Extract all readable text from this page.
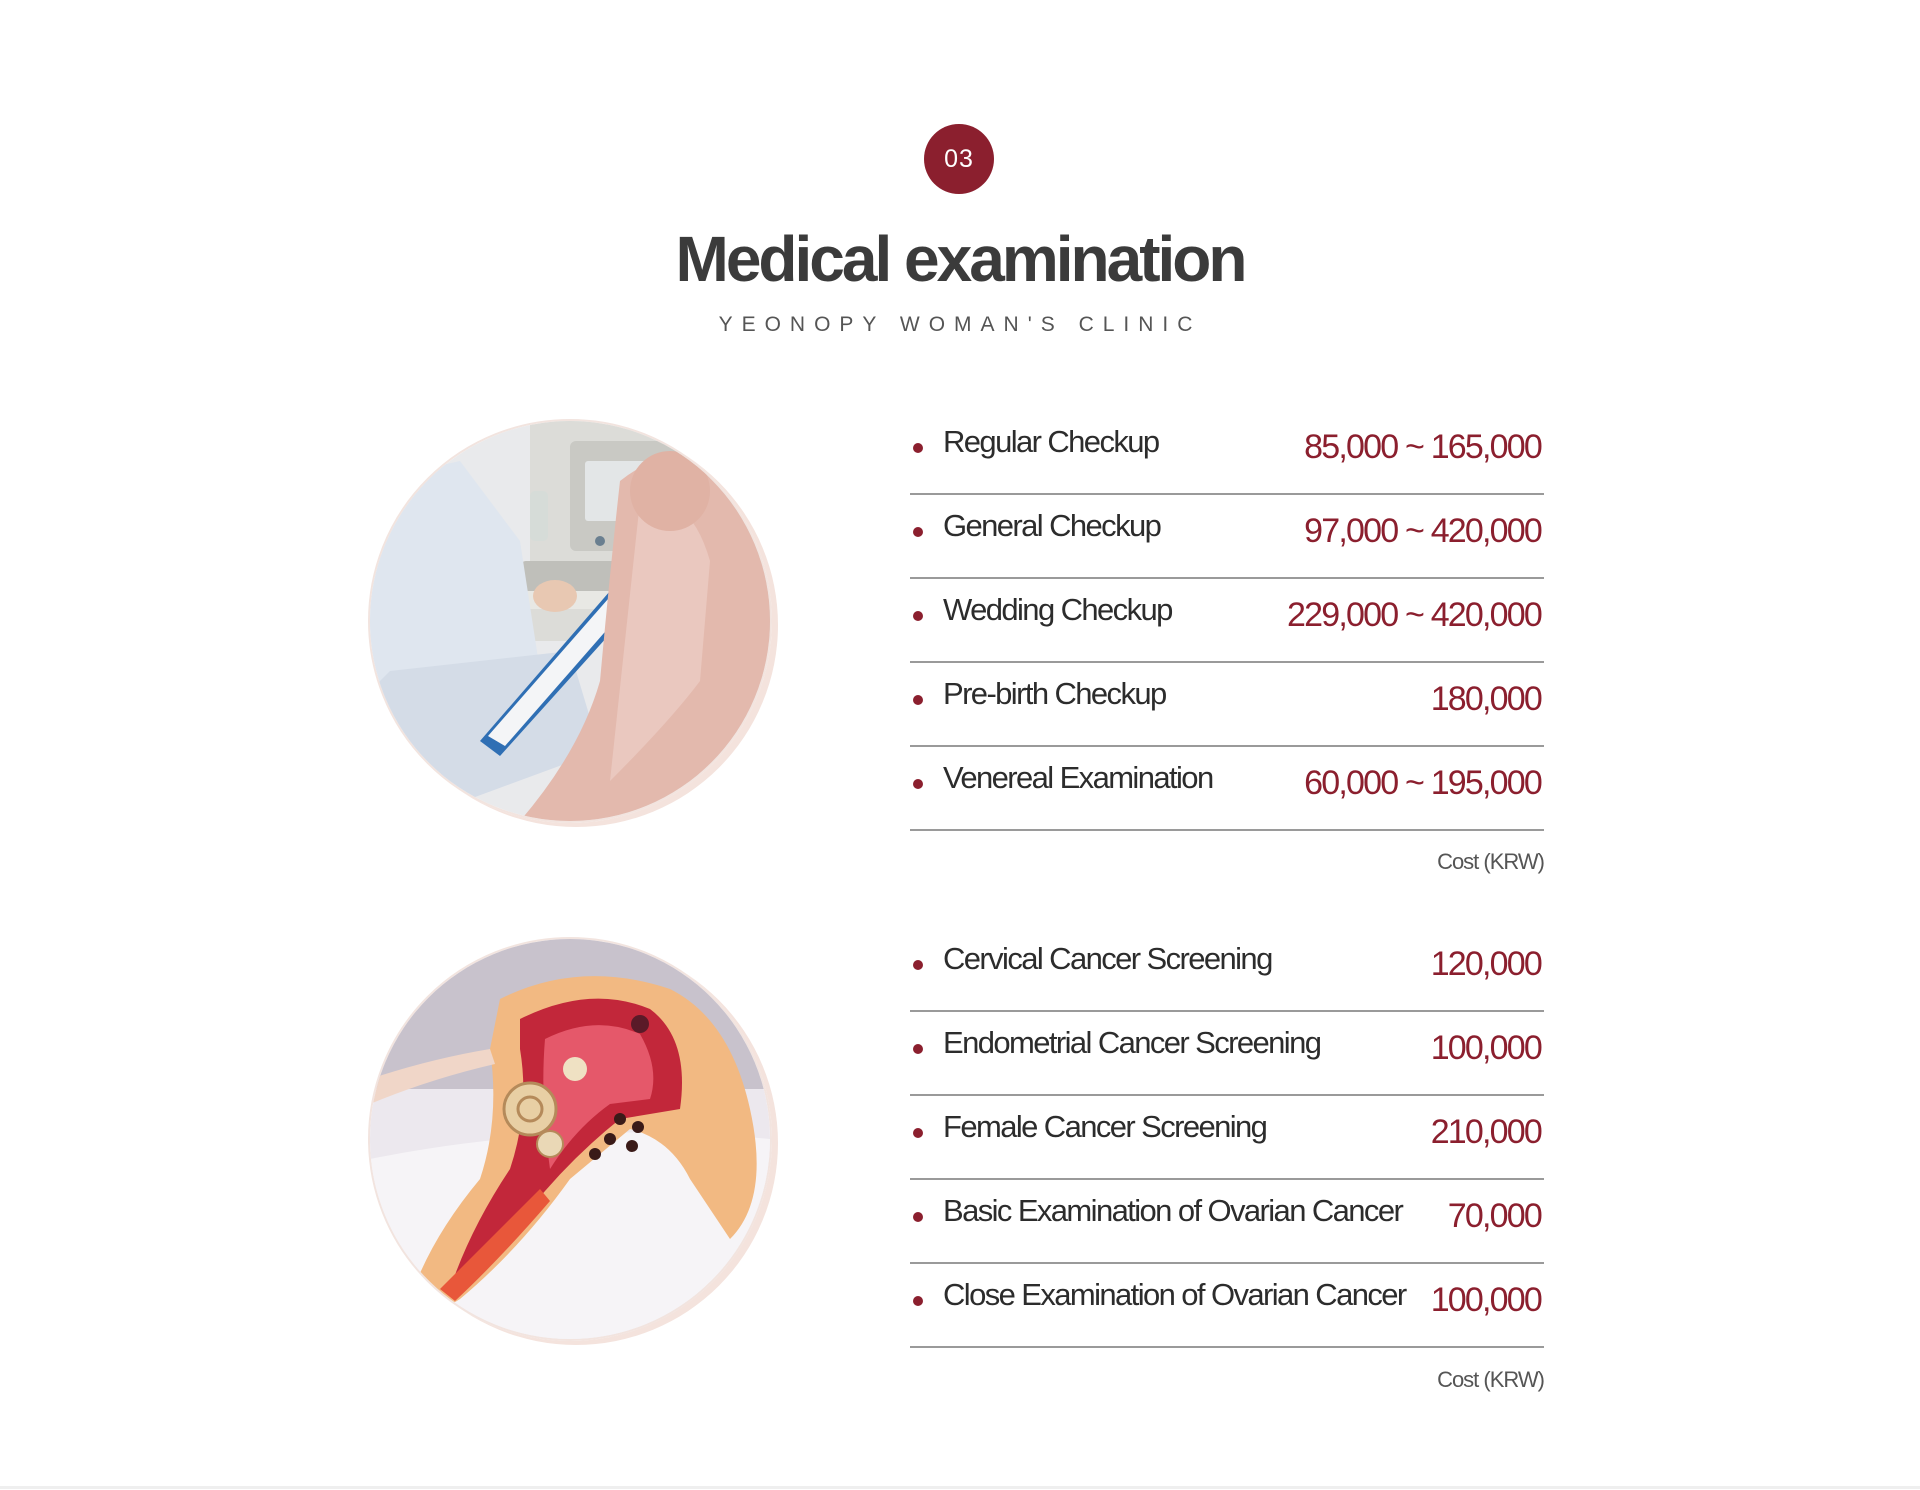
03
Medical examination
YEONOPY WOMAN'S CLINIC
Regular Checkup	85,000 ~ 165,000
General Checkup	97,000 ~ 420,000
Wedding Checkup	229,000 ~ 420,000
Pre-birth Checkup	180,000
Venereal Examination	60,000 ~ 195,000
Cost (KRW)
Cervical Cancer Screening	120,000
Endometrial Cancer Screening	100,000
Female Cancer Screening	210,000
Basic Examination of Ovarian Cancer 70,000
Close Examination of Ovarian Cancer 100,000
Cost (KRW)
